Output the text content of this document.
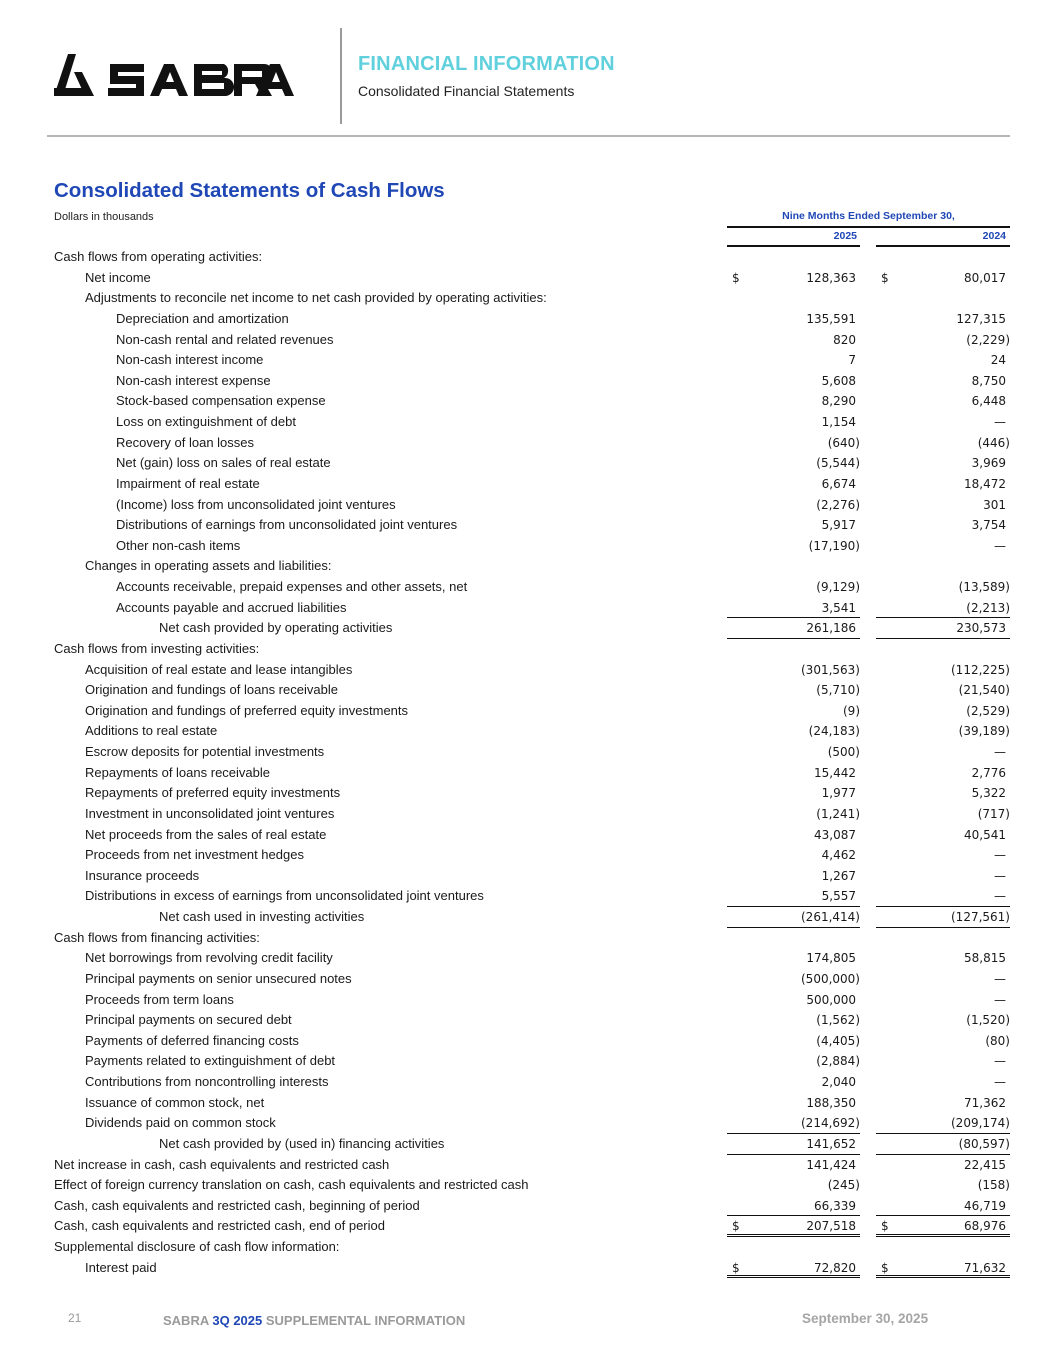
FINANCIAL INFORMATION
Consolidated Financial Statements
Consolidated Statements of Cash Flows
Dollars in thousands	Nine Months Ended September 30,
2025	2024
Cash flows from operating activities:
Net income	$	128,363 $	80,017
Adjustments to reconcile net income to net cash provided by operating activities:
Depreciation and amortization	135,591	127,315
Non-cash rental and related revenues	820	(2,229)
Non-cash interest income	7	24
Non-cash interest expense	5,608	8,750
Stock-based compensation expense	8,290	6,448
Loss on extinguishment of debt	1,154	—
Recovery of loan losses	(640)	(446)
Net (gain) loss on sales of real estate	(5,544)	3,969
Impairment of real estate	6,674	18,472
(Income) loss from unconsolidated joint ventures	(2,276)	301
Distributions of earnings from unconsolidated joint ventures	5,917	3,754
Other non-cash items	(17,190)	—
Changes in operating assets and liabilities:
Accounts receivable, prepaid expenses and other assets, net	(9,129)	(13,589)
Accounts payable and accrued liabilities	3,541	(2,213)
Net cash provided by operating activities	261,186	230,573
Cash flows from investing activities:
Acquisition of real estate and lease intangibles	(301,563)	(112,225)
Origination and fundings of loans receivable	(5,710)	(21,540)
Origination and fundings of preferred equity investments	(9)	(2,529)
Additions to real estate	(24,183)	(39,189)
Escrow deposits for potential investments	(500)	—
Repayments of loans receivable	15,442	2,776
Repayments of preferred equity investments	1,977	5,322
Investment in unconsolidated joint ventures	(1,241)	(717)
Net proceeds from the sales of real estate	43,087	40,541
Proceeds from net investment hedges	4,462	—
Insurance proceeds	1,267	—
Distributions in excess of earnings from unconsolidated joint ventures	5,557	—
Net cash used in investing activities	(261,414)	(127,561)
Cash flows from financing activities:
Net borrowings from revolving credit facility	174,805	58,815
Principal payments on senior unsecured notes	(500,000)	—
Proceeds from term loans	500,000	—
Principal payments on secured debt	(1,562)	(1,520)
Payments of deferred financing costs	(4,405)	(80)
Payments related to extinguishment of debt	(2,884)	—
Contributions from noncontrolling interests	2,040	—
Issuance of common stock, net	188,350	71,362
Dividends paid on common stock	(214,692)	(209,174)
Net cash provided by (used in) financing activities	141,652	(80,597)
Net increase in cash, cash equivalents and restricted cash	141,424	22,415
Effect of foreign currency translation on cash, cash equivalents and restricted cash	(245)	(158)
Cash, cash equivalents and restricted cash, beginning of period	66,339	46,719
Cash, cash equivalents and restricted cash, end of period	$	207,518 $	68,976
Supplemental disclosure of cash flow information:
Interest paid	$	72,820 $	71,632
21	SABRA 3Q 2025 SUPPLEMENTAL INFORMATION	September 30, 2025
